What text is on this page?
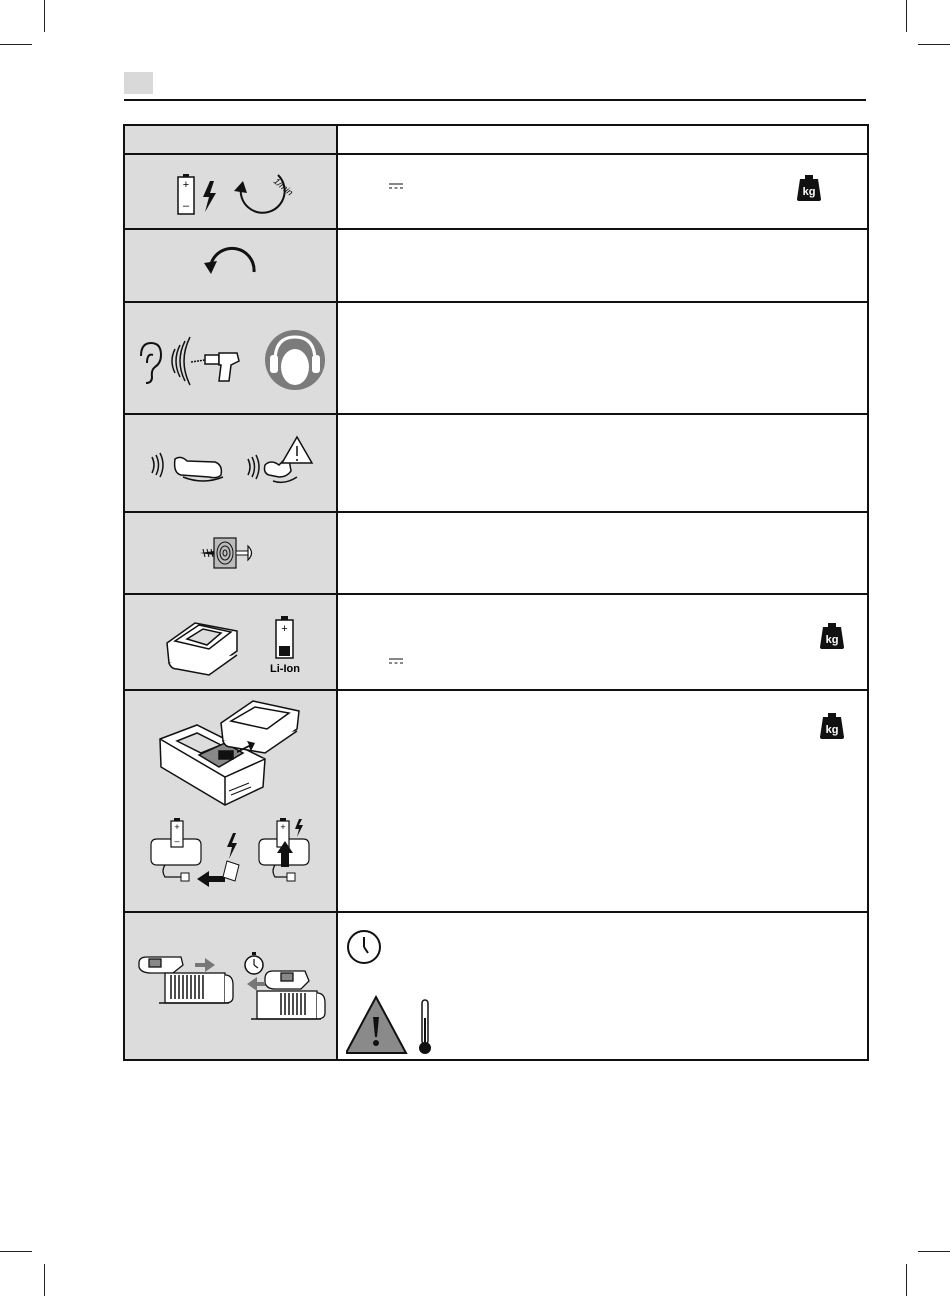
+
–
1/min	kg
+
Li-Ion
kg
+
–
+
kg
